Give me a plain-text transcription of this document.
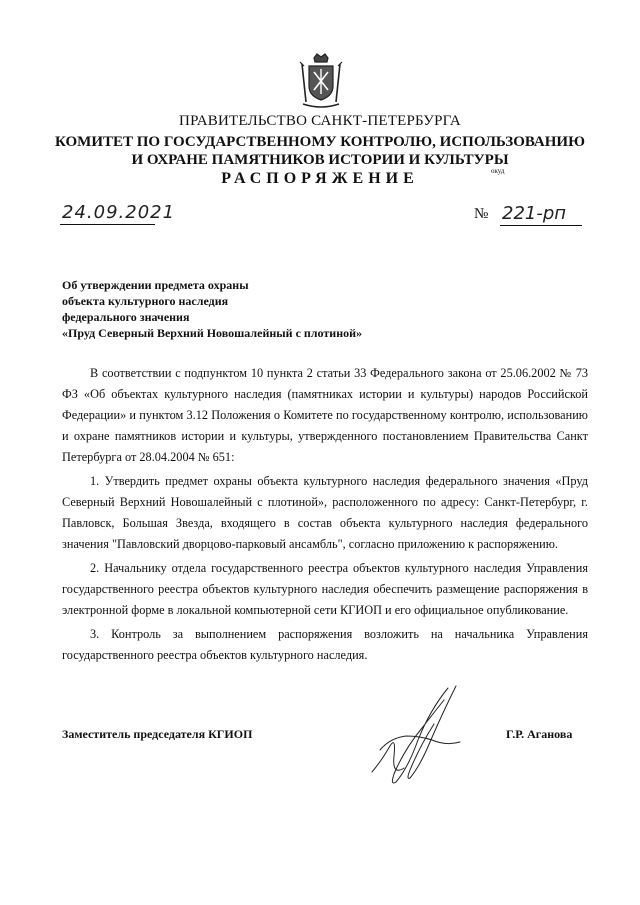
ПРАВИТЕЛЬСТВО САНКТ-ПЕТЕРБУРГА
КОМИТЕТ ПО ГОСУДАРСТВЕННОМУ КОНТРОЛЮ, ИСПОЛЬЗОВАНИЮ
И ОХРАНЕ ПАМЯТНИКОВ ИСТОРИИ И КУЛЬТУРЫ
РАСПОРЯЖЕНИЕ	окуд
24.09.2021	№ 221-рп
Об утверждении предмета охраны
объекта культурного наследия
федерального значения
«Пруд Северный Верхний Новошалейный с плотиной»

В соответствии с подпунктом 10 пункта 2 статьи 33 Федерального закона от 25.06.2002 № 73 ФЗ «Об объектах культурного наследия (памятниках истории и культуры) народов Российской Федерации» и пунктом 3.12 Положения о Комитете по государственному контролю, использованию и охране памятников истории и культуры, утвержденного постановлением Правительства Санкт Петербурга от 28.04.2004 № 651:

1. Утвердить предмет охраны объекта культурного наследия федерального значения «Пруд Северный Верхний Новошалейный с плотиной», расположенного по адресу: Санкт-Петербург, г. Павловск, Большая Звезда, входящего в состав объекта культурного наследия федерального значения "Павловский дворцово-парковый ансамбль", согласно приложению к распоряжению.

2. Начальнику отдела государственного реестра объектов культурного наследия Управления государственного реестра объектов культурного наследия обеспечить размещение распоряжения в электронной форме в локальной компьютерной сети КГИОП и его официальное опубликование.

3. Контроль за выполнением распоряжения возложить на начальника Управления государственного реестра объектов культурного наследия.

Заместитель председателя КГИОП	Г.Р. Аганова
